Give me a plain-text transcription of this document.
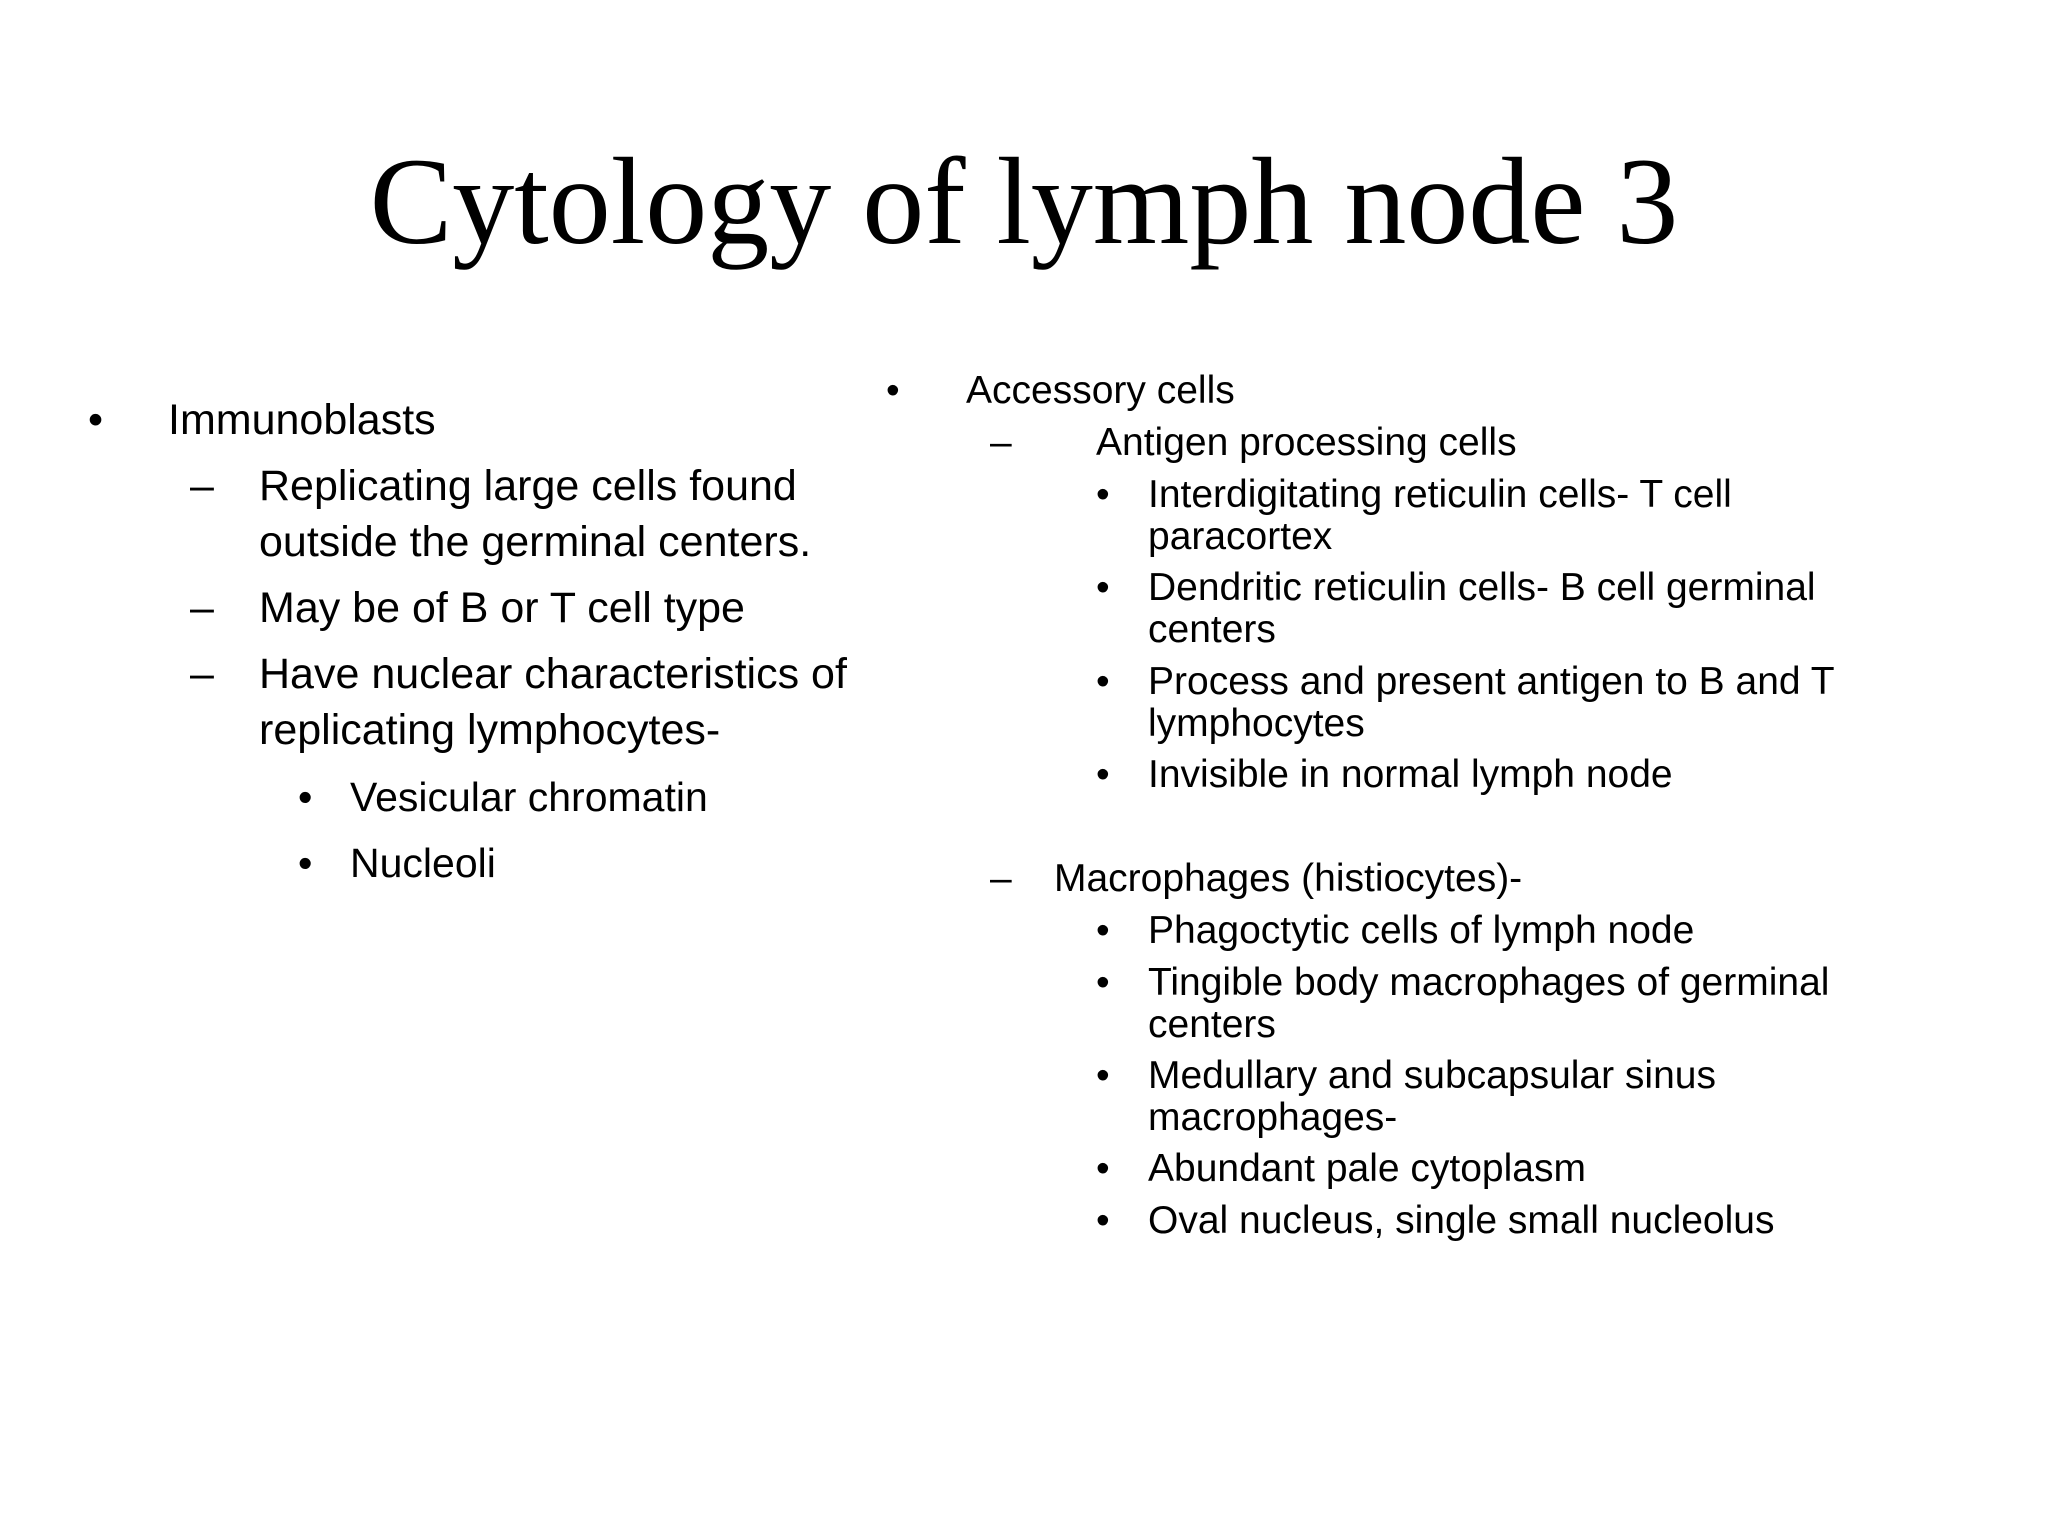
Cytology of lymph node 3
• Immunoblasts
– Replicating large cells found
outside the germinal centers.
– May be of B or T cell type
– Have nuclear characteristics of
replicating lymphocytes-
• Vesicular chromatin
• Nucleoli
• Accessory cells
– Antigen processing cells
• Interdigitating reticulin cells- T cell
paracortex
• Dendritic reticulin cells- B cell germinal
centers
• Process and present antigen to B and T
lymphocytes
• Invisible in normal lymph node
– Macrophages (histiocytes)-
• Phagoctytic cells of lymph node
• Tingible body macrophages of germinal
centers
• Medullary and subcapsular sinus
macrophages-
• Abundant pale cytoplasm
• Oval nucleus, single small nucleolus
